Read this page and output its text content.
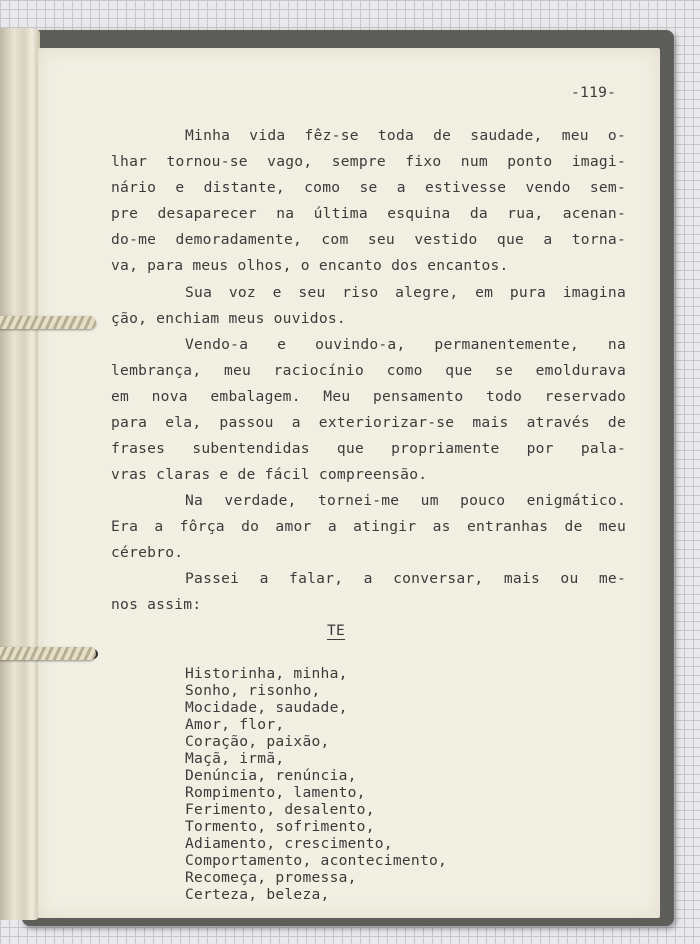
-119-
Minha vida fêz-se toda de saudade, meu o-
lhar tornou-se vago, sempre fixo num ponto imagi-
nário e distante, como se a estivesse vendo sem-
pre desaparecer na última esquina da rua, acenan-
do-me demoradamente, com seu vestido que a torna-
va, para meus olhos, o encanto dos encantos.
Sua voz e seu riso alegre, em pura imagina
ção, enchiam meus ouvidos.
Vendo-a e ouvindo-a, permanentemente, na
lembrança, meu raciocínio como que se emoldurava
em nova embalagem. Meu pensamento todo reservado
para ela, passou a exteriorizar-se mais através de
frases subentendidas que propriamente por pala-
vras claras e de fácil compreensão.
Na verdade, tornei-me um pouco enigmático.
Era a fôrça do amor a atingir as entranhas de meu
cérebro.
Passei a falar, a conversar, mais ou me-
nos assim:
TE
Historinha, minha,
Sonho, risonho,
Mocidade, saudade,
Amor, flor,
Coração, paixão,
Maçã, irmã,
Denúncia, renúncia,
Rompimento, lamento,
Ferimento, desalento,
Tormento, sofrimento,
Adiamento, crescimento,
Comportamento, acontecimento,
Recomeça, promessa,
Certeza, beleza,
